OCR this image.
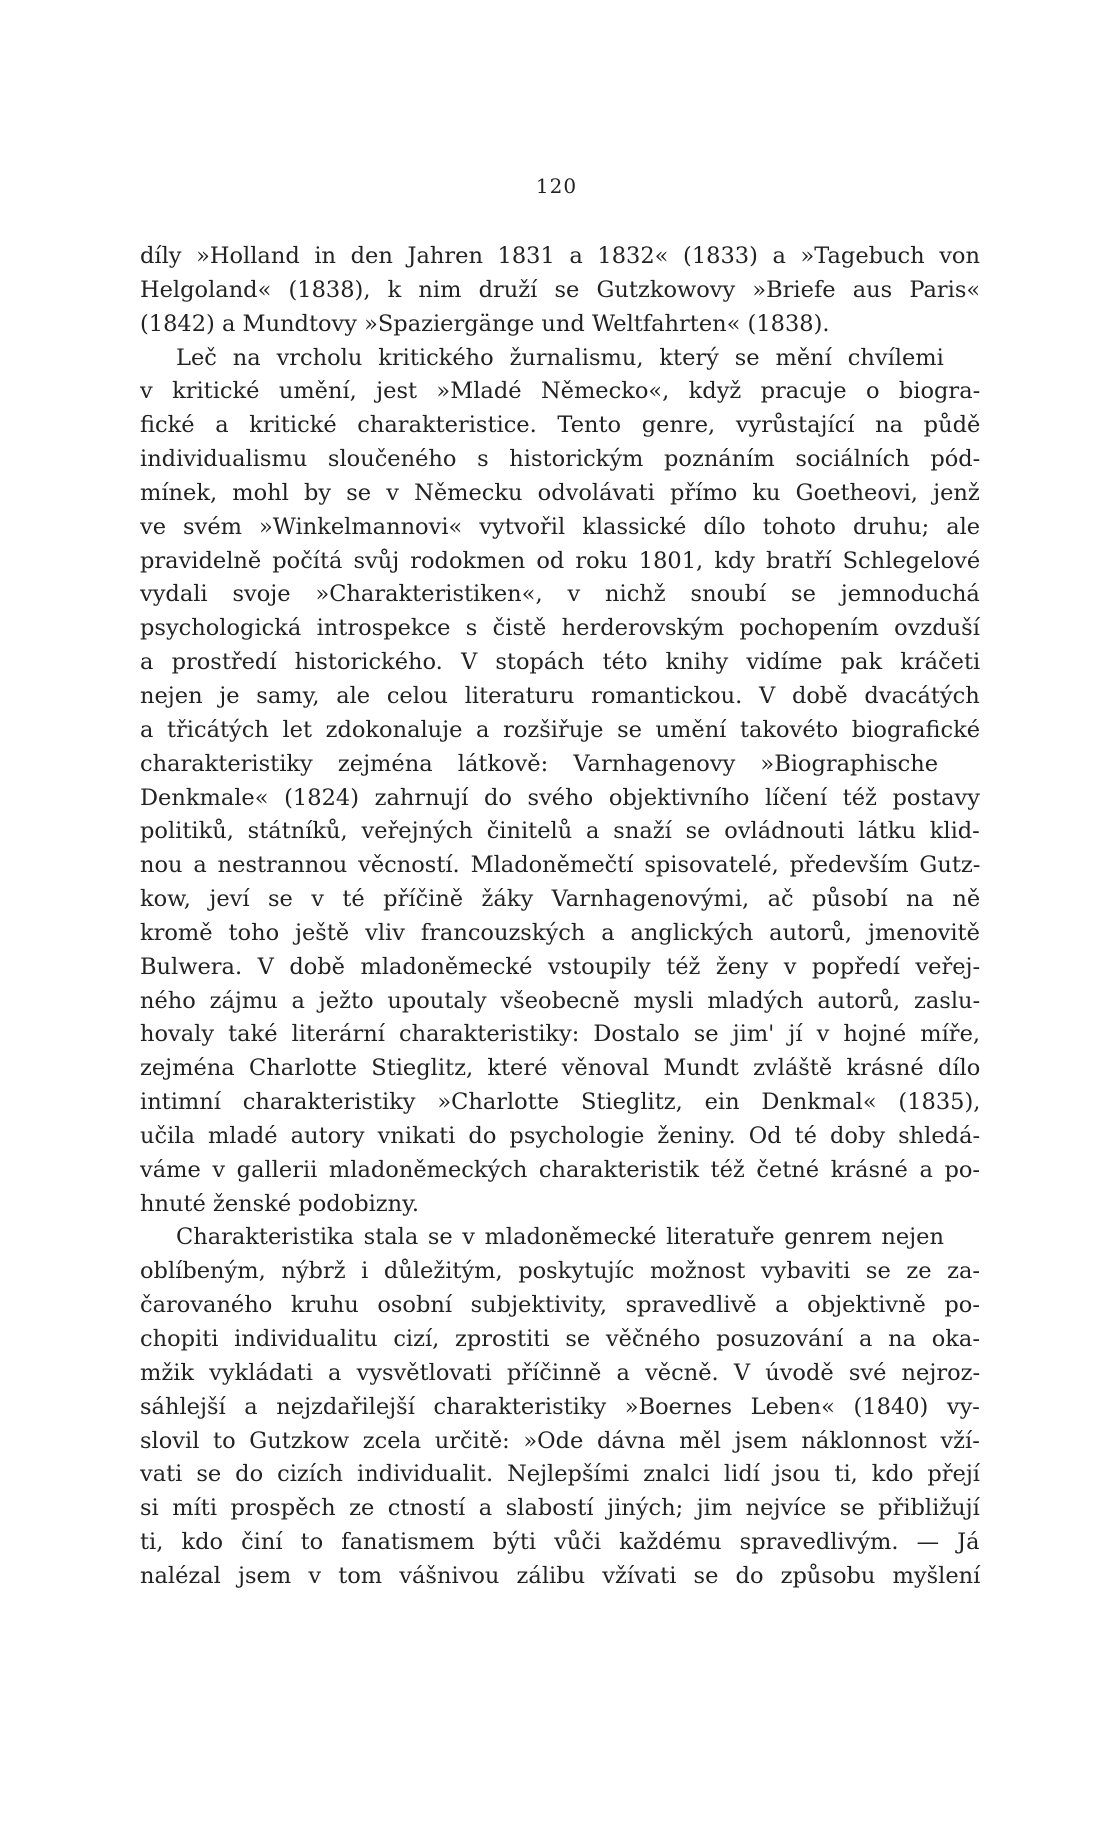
120
díly »Holland in den Jahren 1831 a 1832« (1833) a »Tagebuch von
Helgoland« (1838), k nim druží se Gutzkowovy »Briefe aus Paris«
(1842) a Mundtovy »Spaziergänge und Weltfahrten« (1838).
Leč na vrcholu kritického žurnalismu, který se mění chvílemi
v kritické umění, jest »Mladé Německo«, když pracuje o biogra-
fické a kritické charakteristice. Tento genre, vyrůstající na půdě
individualismu sloučeného s historickým poznáním sociálních pód-
mínek, mohl by se v Německu odvolávati přímo ku Goetheovi, jenž
ve svém »Winkelmannovi« vytvořil klassické dílo tohoto druhu; ale
pravidelně počítá svůj rodokmen od roku 1801, kdy bratří Schlegelové
vydali svoje »Charakteristiken«, v nichž snoubí se jemnoduchá
psychologická introspekce s čistě herderovským pochopením ovzduší
a prostředí historického. V stopách této knihy vidíme pak kráčeti
nejen je samy, ale celou literaturu romantickou. V době dvacátých
a třicátých let zdokonaluje a rozšiřuje se umění takovéto biografické
charakteristiky zejména látkově: Varnhagenovy »Biographische
Denkmale« (1824) zahrnují do svého objektivního líčení též postavy
politiků, státníků, veřejných činitelů a snaží se ovládnouti látku klid-
nou a nestrannou věcností. Mladoněmečtí spisovatelé, především Gutz-
kow, jeví se v té příčině žáky Varnhagenovými, ač působí na ně
kromě toho ještě vliv francouzských a anglických autorů, jmenovitě
Bulwera. V době mladoněmecké vstoupily též ženy v popředí veřej-
ného zájmu a ježto upoutaly všeobecně mysli mladých autorů, zaslu-
hovaly také literární charakteristiky: Dostalo se jim' jí v hojné míře,
zejména Charlotte Stieglitz, které věnoval Mundt zvláště krásné dílo
intimní charakteristiky »Charlotte Stieglitz, ein Denkmal« (1835),
učila mladé autory vnikati do psychologie ženiny. Od té doby shledá-
váme v gallerii mladoněmeckých charakteristik též četné krásné a po-
hnuté ženské podobizny.
Charakteristika stala se v mladoněmecké literatuře genrem nejen
oblíbeným, nýbrž i důležitým, poskytujíc možnost vybaviti se ze za-
čarovaného kruhu osobní subjektivity, spravedlivě a objektivně po-
chopiti individualitu cizí, zprostiti se věčného posuzování a na oka-
mžik vykládati a vysvětlovati příčinně a věcně. V úvodě své nejroz-
sáhlejší a nejzdařilejší charakteristiky »Boernes Leben« (1840) vy-
slovil to Gutzkow zcela určitě: »Ode dávna měl jsem náklonnost vží-
vati se do cizích individualit. Nejlepšími znalci lidí jsou ti, kdo přejí
si míti prospěch ze ctností a slabostí jiných; jim nejvíce se přibližují
ti, kdo činí to fanatismem býti vůči každému spravedlivým. — Já
nalézal jsem v tom vášnivou zálibu vžívati se do způsobu myšlení
